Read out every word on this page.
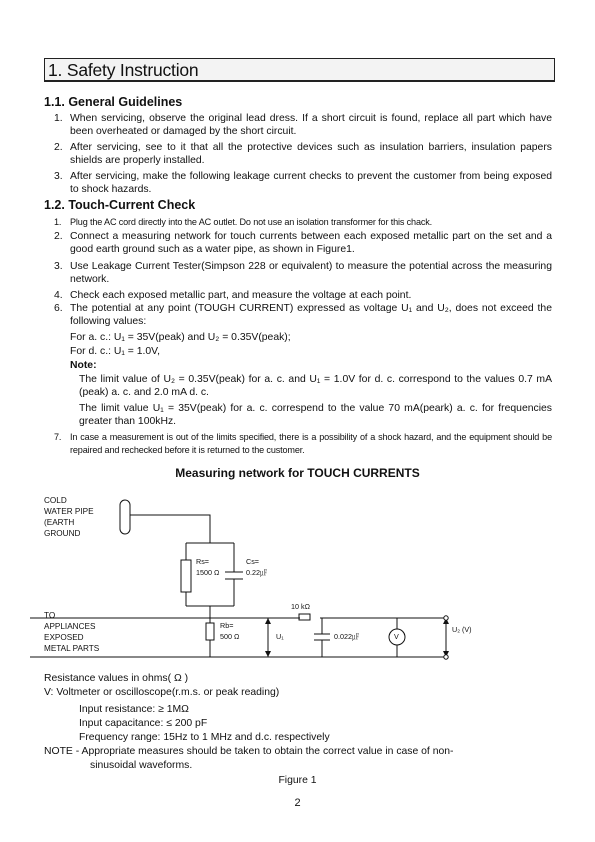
1. Safety Instruction
1.1. General Guidelines
1. When servicing, observe the original lead dress. If a short circuit is found, replace all part which have been overheated or damaged by the short circuit.
2. After servicing, see to it that all the protective devices such as insulation barriers, insulation papers shields are properly installed.
3. After servicing, make the following leakage current checks to prevent the customer from being exposed to shock hazards.
1.2. Touch-Current Check
1. Plug the AC cord directly into the AC outlet. Do not use an isolation transformer for this chack.
2. Connect a measuring network for touch currents between each exposed metallic part on the set and a good earth ground such as a water pipe, as shown in Figure1.
3. Use Leakage Current Tester(Simpson 228 or equivalent) to measure the potential across the measuring network.
4. Check each exposed metallic part, and measure the voltage at each point.
6. The potential at any point (TOUGH CURRENT) expressed as voltage U₁ and U₂, does not exceed the following values:
For a. c.: U₁ = 35V(peak) and U₂ = 0.35V(peak);
For d. c.: U₁ = 1.0V,
Note:
The limit value of U₂ = 0.35V(peak) for a. c. and U₁ = 1.0V for d. c. correspond to the values 0.7 mA (peak) a. c. and 2.0 mA d. c.
The limit value U₁ = 35V(peak) for a. c. correspend to the value 70 mA(peark) a. c. for frequencies greater than 100kHz.
7. In case a measurement is out of the limits specified, there is a possibility of a shock hazard, and the equipment should be repaired and rechecked before it is returned to the customer.
Measuring network for TOUCH CURRENTS
COLD
WATER PIPE
(EARTH
GROUND
TO
APPLIANCES
EXPOSED
METAL PARTS
Rs=
1500 Ω
Cs=
0.22㎌
Rb=
500 Ω
10 kΩ
U₁	0.022㎌	V
U₂ (V)
Resistance values in ohms( Ω )
V: Voltmeter or oscilloscope(r.m.s. or peak reading)
Input resistance: ≥ 1MΩ
Input capacitance: ≤ 200 pF
Frequency range: 15Hz to 1 MHz and d.c. respectively
NOTE - Appropriate measures should be taken to obtain the correct value in case of non-
sinusoidal waveforms.
Figure 1
2
